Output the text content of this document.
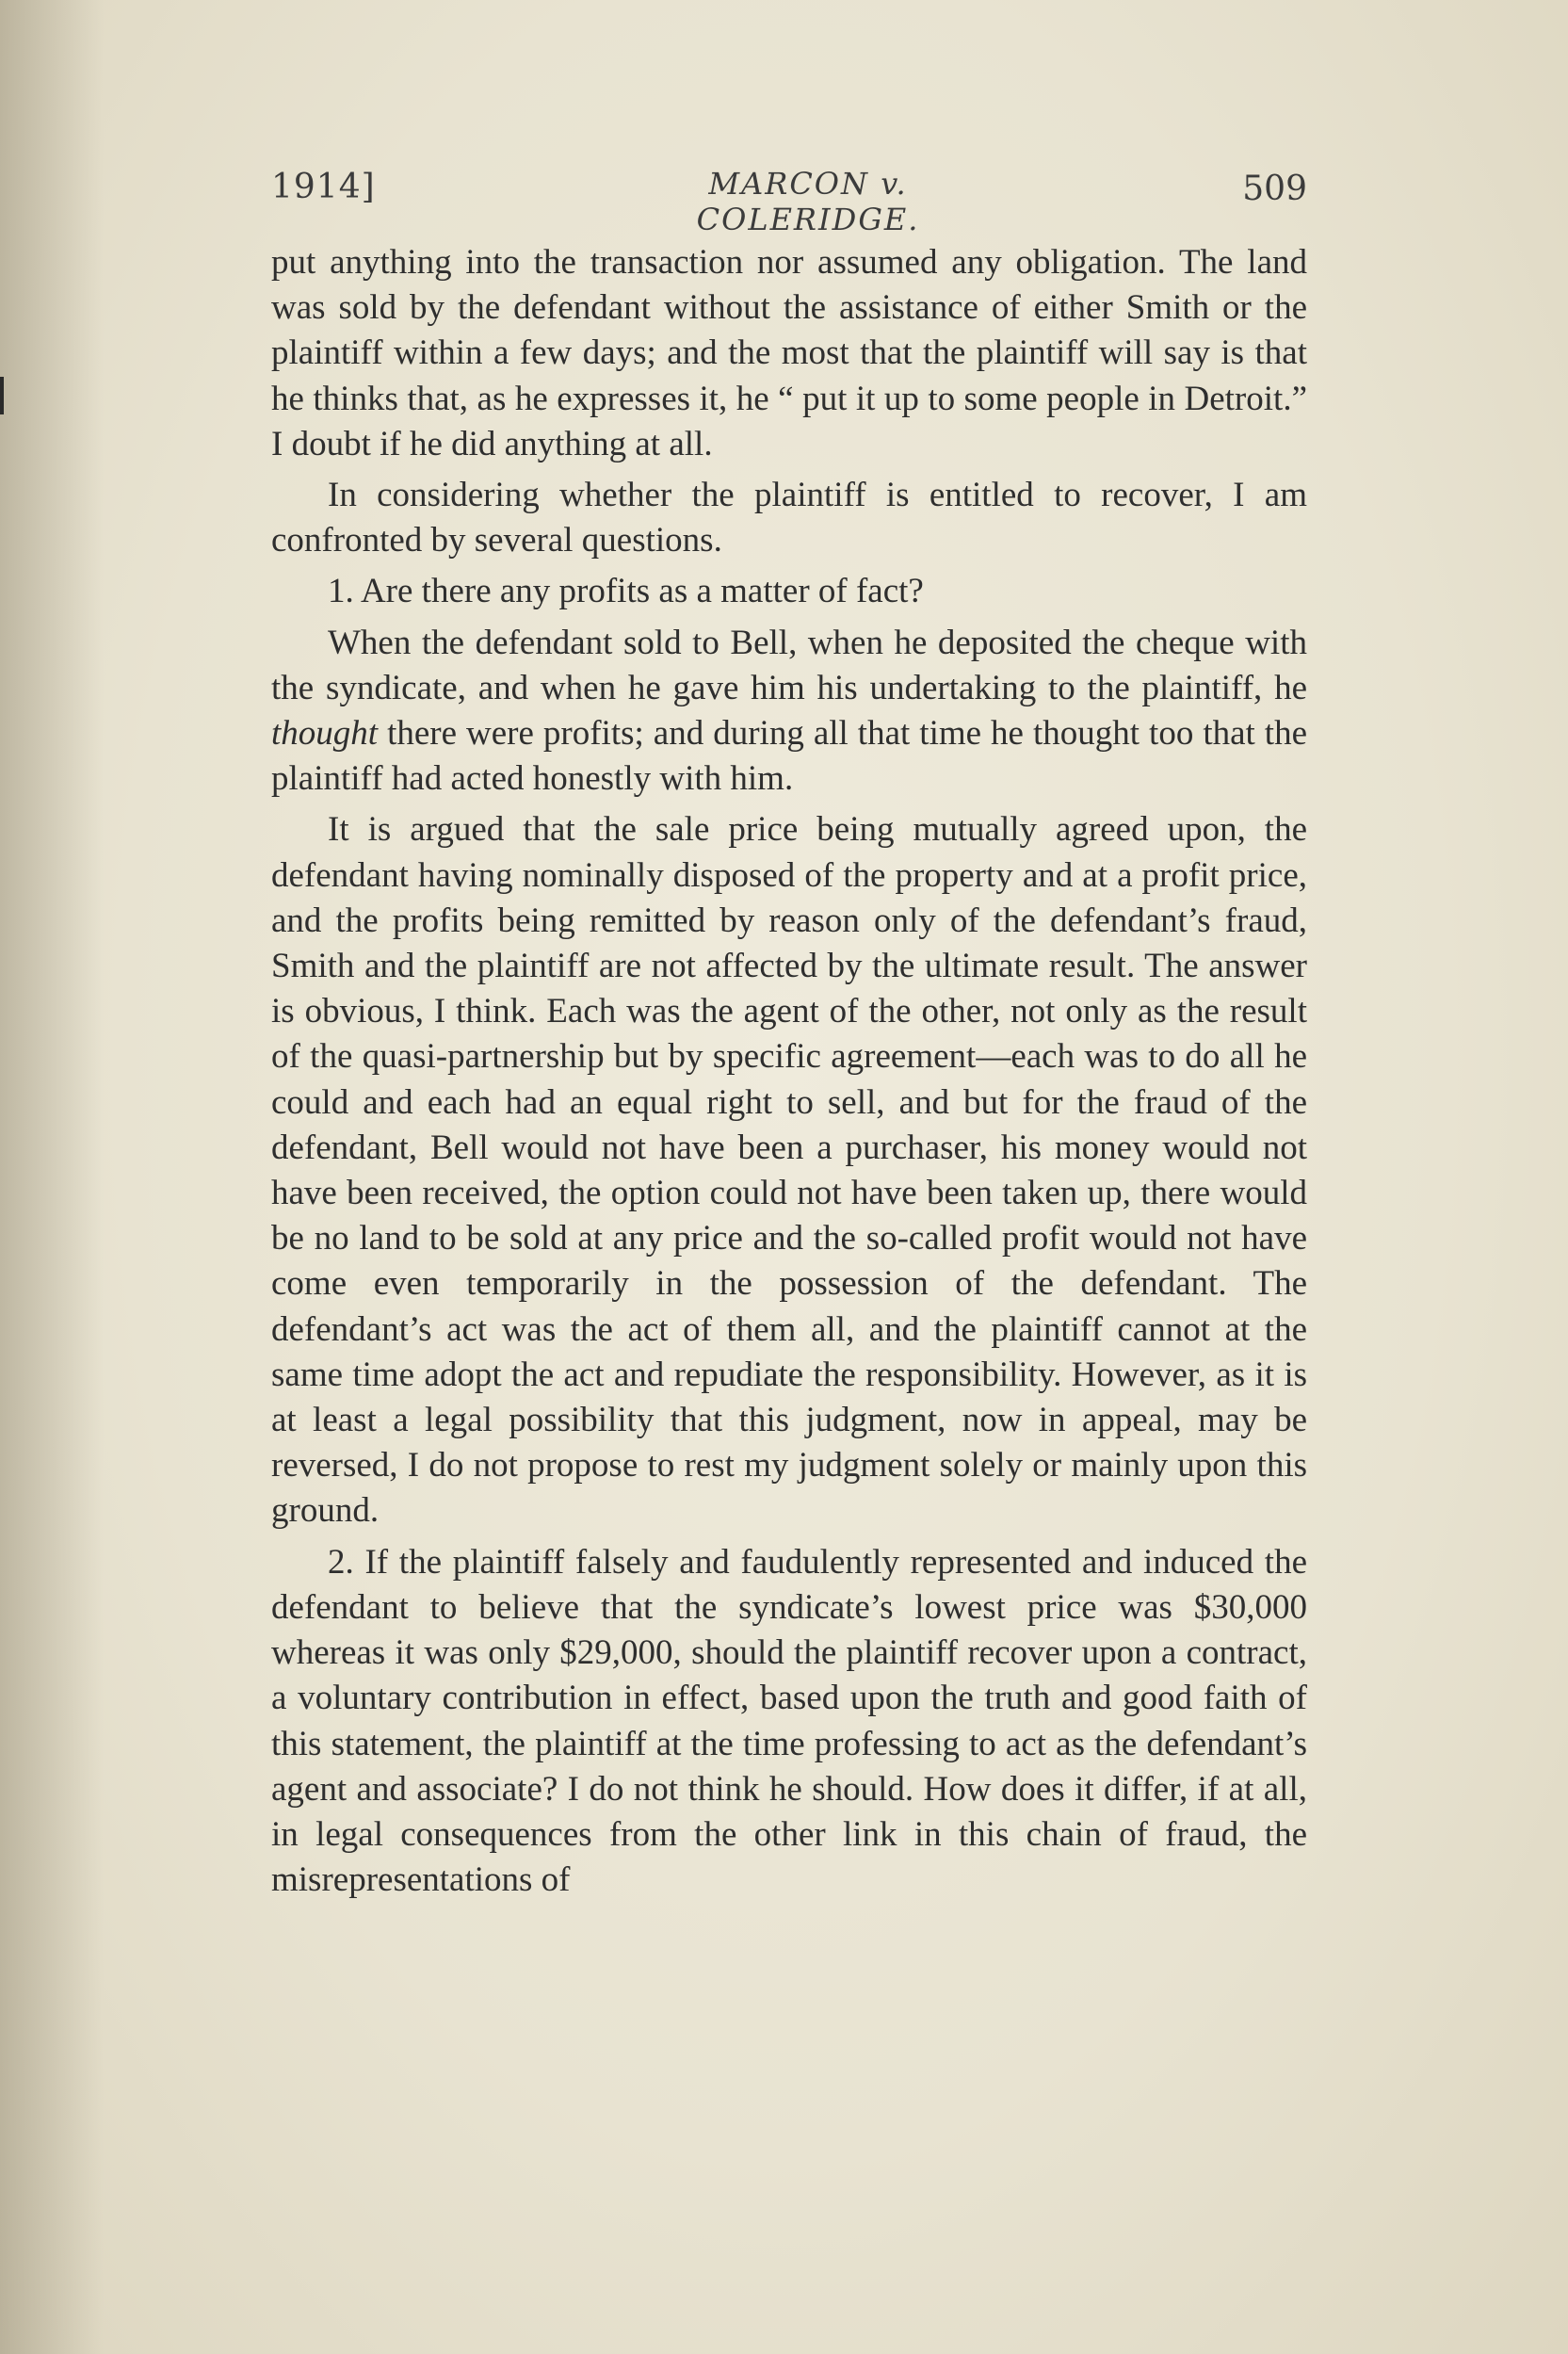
1914]	MARCON v. COLERIDGE.
509

put anything into the transaction nor assumed any obligation. The land was sold by the defendant without the assistance of either Smith or the plaintiff within a few days; and the most that the plaintiff will say is that he thinks that, as he expresses it, he “ put it up to some people in Detroit.” I doubt if he did anything at all.

In considering whether the plaintiff is entitled to recover, I am confronted by several questions.

1. Are there any profits as a matter of fact?

When the defendant sold to Bell, when he deposited the cheque with the syndicate, and when he gave him his undertaking to the plaintiff, he thought there were profits; and during all that time he thought too that the plaintiff had acted honestly with him.

It is argued that the sale price being mutually agreed upon, the defendant having nominally disposed of the property and at a profit price, and the profits being remitted by reason only of the defendant’s fraud, Smith and the plaintiff are not affected by the ultimate result. The answer is obvious, I think. Each was the agent of the other, not only as the result of the quasi-partnership but by specific agreement—each was to do all he could and each had an equal right to sell, and but for the fraud of the defendant, Bell would not have been a purchaser, his money would not have been received, the option could not have been taken up, there would be no land to be sold at any price and the so-called profit would not have come even temporarily in the possession of the defendant. The defendant’s act was the act of them all, and the plaintiff cannot at the same time adopt the act and repudiate the responsibility. However, as it is at least a legal possibility that this judgment, now in appeal, may be reversed, I do not propose to rest my judgment solely or mainly upon this ground.

2. If the plaintiff falsely and faudulently represented and induced the defendant to believe that the syndicate’s lowest price was $30,000 whereas it was only $29,000, should the plaintiff recover upon a contract, a voluntary contribution in effect, based upon the truth and good faith of this statement, the plaintiff at the time professing to act as the defendant’s agent and associate? I do not think he should. How does it differ, if at all, in legal consequences from the other link in this chain of fraud, the misrepresentations of
